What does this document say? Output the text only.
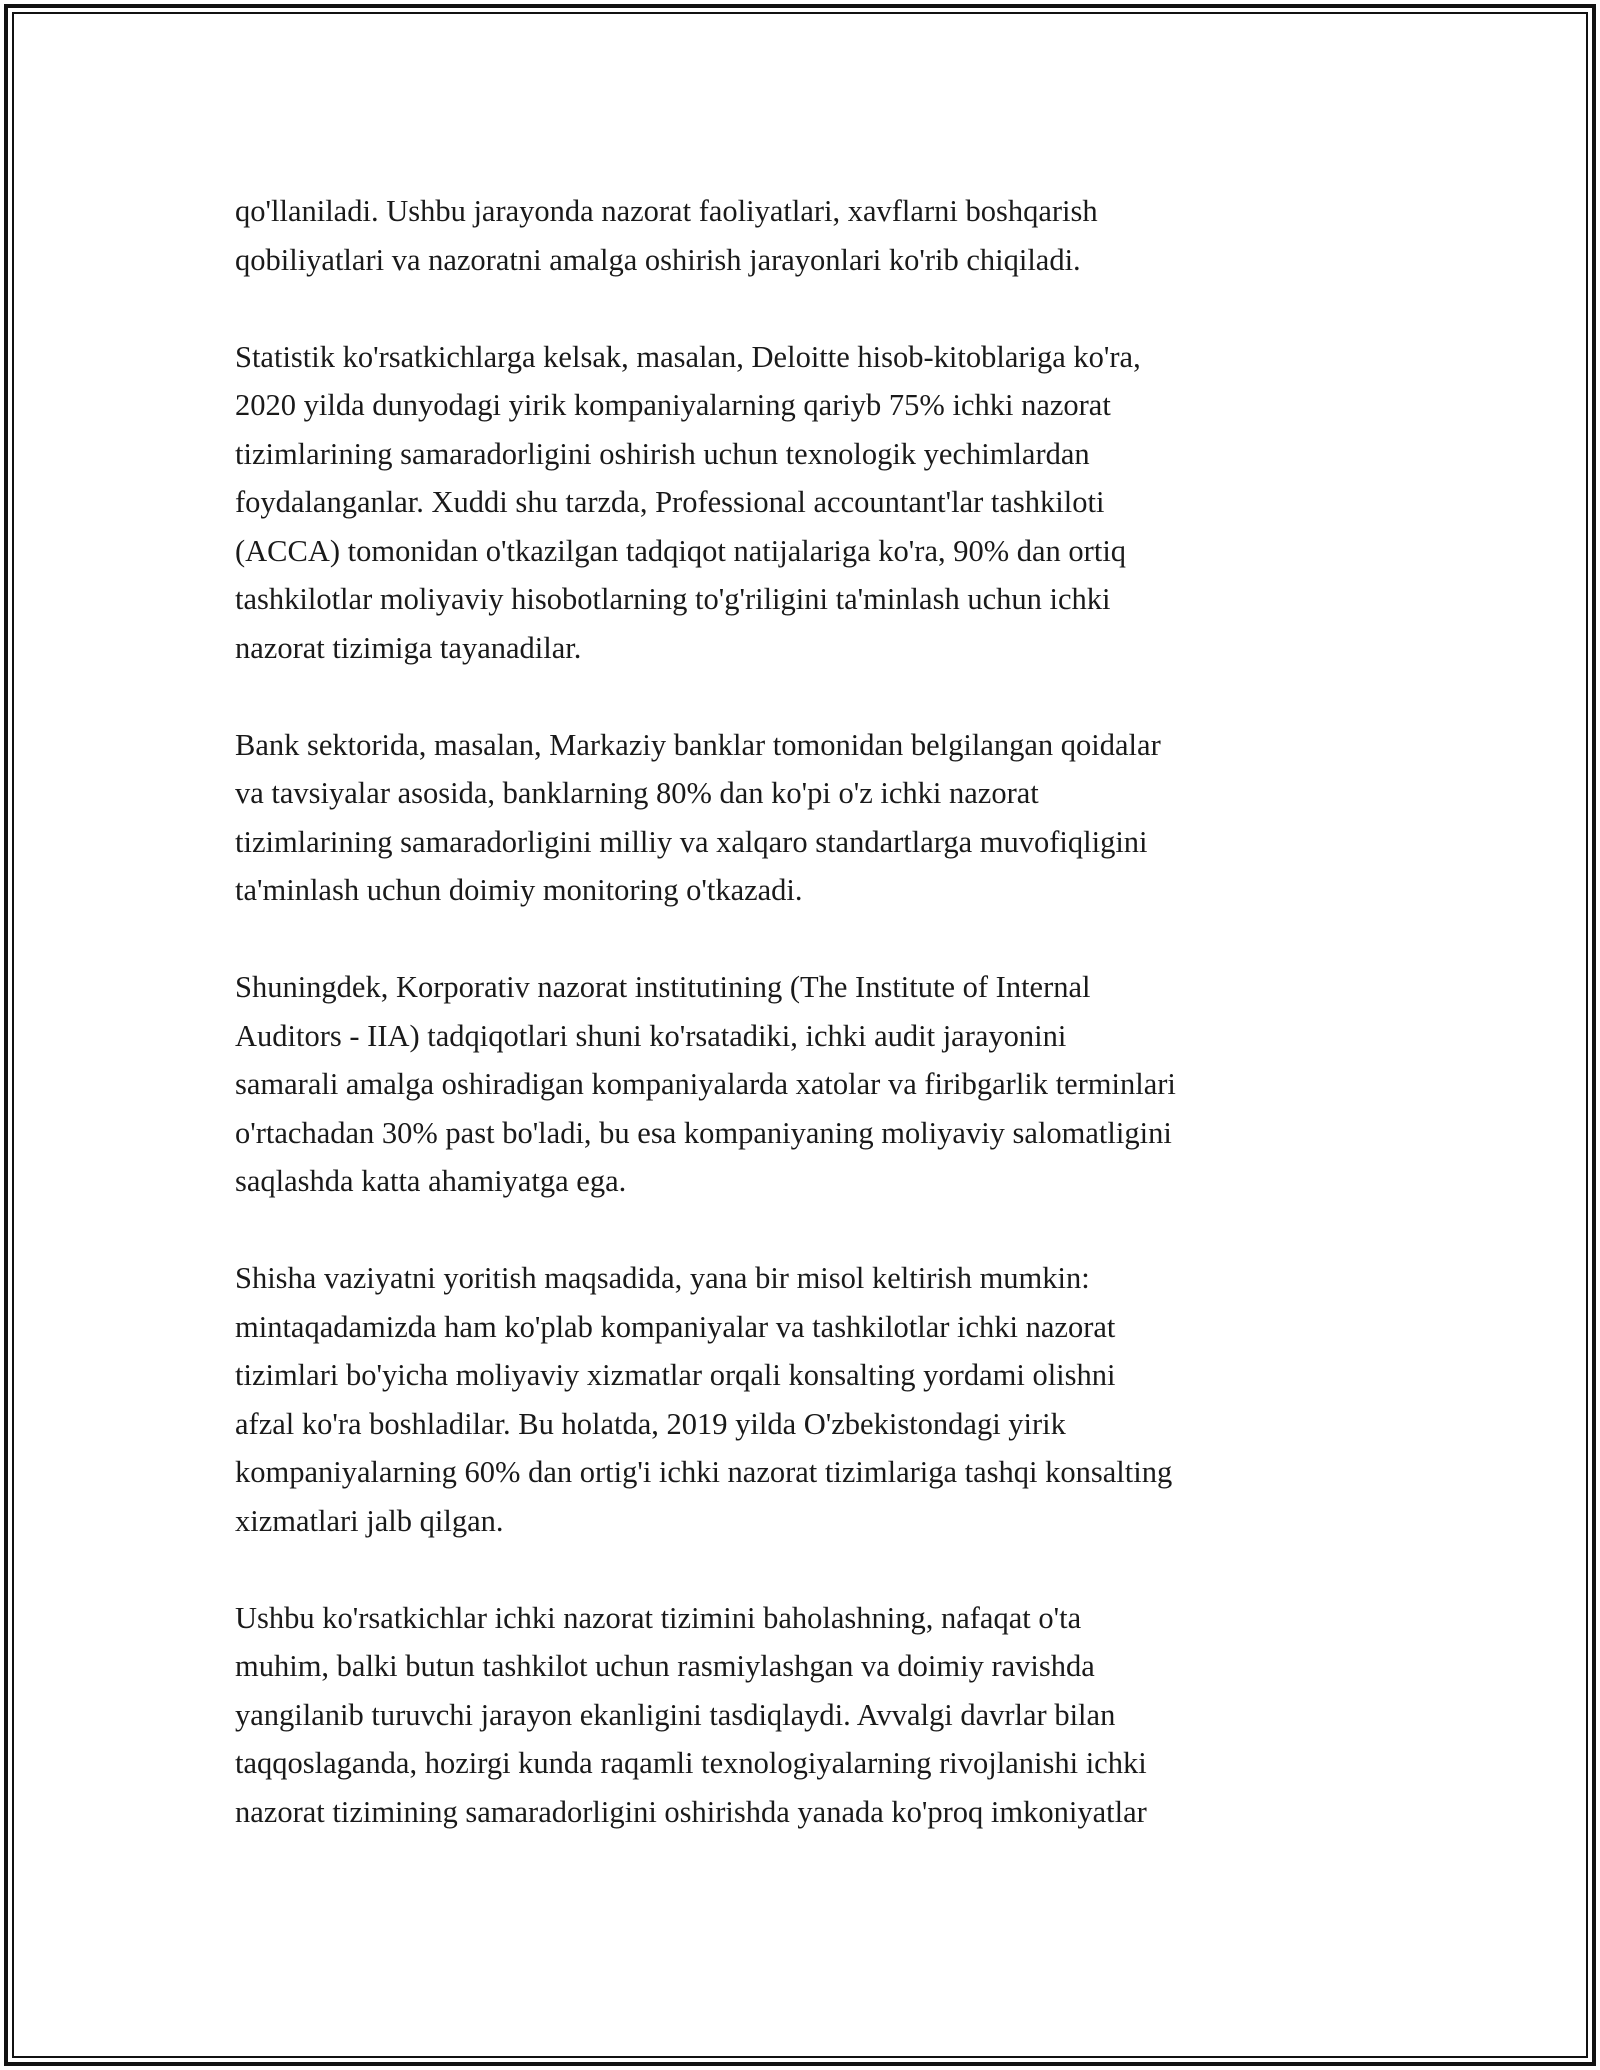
qo'llaniladi. Ushbu jarayonda nazorat faoliyatlari, xavflarni boshqarish
qobiliyatlari va nazoratni amalga oshirish jarayonlari ko'rib chiqiladi.

Statistik ko'rsatkichlarga kelsak, masalan, Deloitte hisob-kitoblariga ko'ra,
2020 yilda dunyodagi yirik kompaniyalarning qariyb 75% ichki nazorat
tizimlarining samaradorligini oshirish uchun texnologik yechimlardan
foydalanganlar. Xuddi shu tarzda, Professional accountant'lar tashkiloti
(ACCA) tomonidan o'tkazilgan tadqiqot natijalariga ko'ra, 90% dan ortiq
tashkilotlar moliyaviy hisobotlarning to'g'riligini ta'minlash uchun ichki
nazorat tizimiga tayanadilar.

Bank sektorida, masalan, Markaziy banklar tomonidan belgilangan qoidalar
va tavsiyalar asosida, banklarning 80% dan ko'pi o'z ichki nazorat
tizimlarining samaradorligini milliy va xalqaro standartlarga muvofiqligini
ta'minlash uchun doimiy monitoring o'tkazadi.

Shuningdek, Korporativ nazorat institutining (The Institute of Internal
Auditors - IIA) tadqiqotlari shuni ko'rsatadiki, ichki audit jarayonini
samarali amalga oshiradigan kompaniyalarda xatolar va firibgarlik terminlari
o'rtachadan 30% past bo'ladi, bu esa kompaniyaning moliyaviy salomatligini
saqlashda katta ahamiyatga ega.

Shisha vaziyatni yoritish maqsadida, yana bir misol keltirish mumkin:
mintaqadamizda ham ko'plab kompaniyalar va tashkilotlar ichki nazorat
tizimlari bo'yicha moliyaviy xizmatlar orqali konsalting yordami olishni
afzal ko'ra boshladilar. Bu holatda, 2019 yilda O'zbekistondagi yirik
kompaniyalarning 60% dan ortig'i ichki nazorat tizimlariga tashqi konsalting
xizmatlari jalb qilgan.

Ushbu ko'rsatkichlar ichki nazorat tizimini baholashning, nafaqat o'ta
muhim, balki butun tashkilot uchun rasmiylashgan va doimiy ravishda
yangilanib turuvchi jarayon ekanligini tasdiqlaydi. Avvalgi davrlar bilan
taqqoslaganda, hozirgi kunda raqamli texnologiyalarning rivojlanishi ichki
nazorat tizimining samaradorligini oshirishda yanada ko'proq imkoniyatlar
